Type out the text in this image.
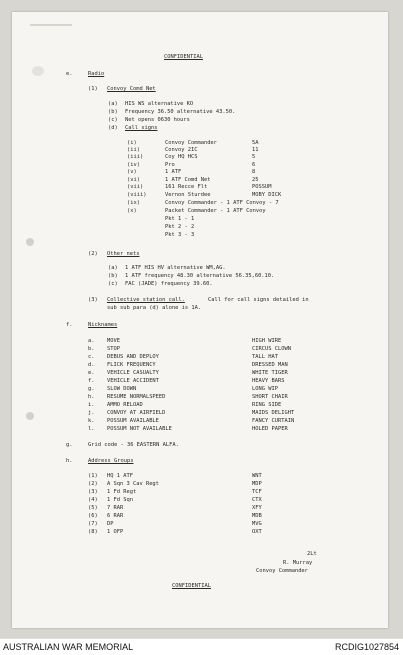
CONFIDENTIAL
e.	Radio
(1) Convoy Comd Net
(a) HIS WS alternative KO
(b) Frequency 36.50 alternative 43.50.
(c) Net opens 0630 hours
(d) Call signs
(i)	Convoy Commander	5A
(ii)	Convoy 2IC	11
(iii)	Coy HQ HCS	5
(iv)	Pro	6
(v)	1 ATF	8
(vi)	1 ATF Comd Net	25
(vii)	161 Recce Flt	POSSUM
(viii)	Vernon Sturdee	MOBY DICK
(ix)	Convoy Commander - 1 ATF Convoy - 7
(x)	Packet Commander - 1 ATF Convoy
Pkt 1 - 1
Pkt 2 - 2
Pkt 3 - 3
(2) Other nets
(a) 1 ATF HIS HV alternative WM,AG.
(b) 1 ATF frequency 48.30 alternative 56.35,60.10.
(c) FAC (JADE) frequency 39.60.
(3) Collective station call.	Call for call signs detailed in
sub sub para (d) alone is 1A.
f.	Nicknames
a. MOVE	HIGH WIRE
b. STOP	CIRCUS CLOWN
c. DEBUS AND DEPLOY	TALL HAT
d. FLICK FREQUENCY	DRESSED MAN
e. VEHICLE CASUALTY	WHITE TIGER
f. VEHICLE ACCIDENT	HEAVY BARS
g. SLOW DOWN	LONG WIP
h. RESUME NORMALSPEED	SHORT CHAIR
i. AMMO RELOAD	RING SIDE
j. CONVOY AT AIRFIELD	MAIDS DELIGHT
k. POSSUM AVAILABLE	FANCY CURTAIN
l. POSSUM NOT AVAILABLE	HOLED PAPER
g.	Grid code - 36 EASTERN ALFA.
h.	Address Groups
(1) HQ 1 ATF	WNT
(2) A Sqn 3 Cav Regt	MDP
(3) 1 Fd Regt	TCF
(4) 1 Fd Sqn	CTX
(5) 7 RAR	XFY
(6) 6 RAR	MDB
(7) DP	MVG
(8) 1 OFP	OXT
2Lt
R. Murray
Convoy Commander
CONFIDENTIAL
AUSTRALIAN WAR MEMORIAL	RCDIG1027854
